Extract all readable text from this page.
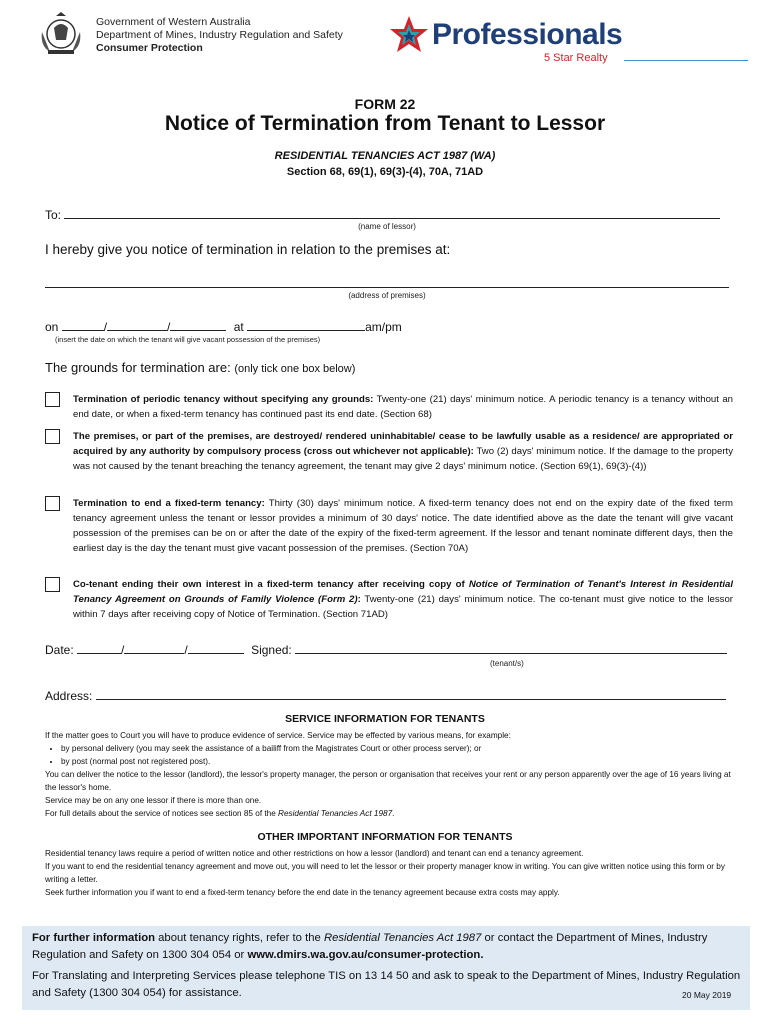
Government of Western Australia
Department of Mines, Industry Regulation and Safety
Consumer Protection	Professionals
5 Star Realty
FORM 22
Notice of Termination from Tenant to Lessor
RESIDENTIAL TENANCIES ACT 1987 (WA)
Section 68, 69(1), 69(3)-(4), 70A, 71AD
To:
(name of lessor)
I hereby give you notice of termination in relation to the premises at:
(address of premises)
on	/	/	at	am/pm
(insert the date on which the tenant will give vacant possession of the premises)
The grounds for termination are: (only tick one box below)
Termination of periodic tenancy without specifying any grounds: Twenty-one (21) days' minimum notice. A periodic tenancy is a tenancy without an end date, or when a fixed-term tenancy has continued past its end date. (Section 68)
The premises, or part of the premises, are destroyed/ rendered uninhabitable/ cease to be lawfully usable as a residence/ are appropriated or acquired by any authority by compulsory process (cross out whichever not applicable): Two (2) days' minimum notice. If the damage to the property was not caused by the tenant breaching the tenancy agreement, the tenant may give 2 days' minimum notice. (Section 69(1), 69(3)-(4))
Termination to end a fixed-term tenancy: Thirty (30) days' minimum notice. A fixed-term tenancy does not end on the expiry date of the fixed term tenancy agreement unless the tenant or lessor provides a minimum of 30 days' notice. The date identified above as the date the tenant will give vacant possession of the premises can be on or after the date of the expiry of the fixed-term agreement. If the lessor and tenant nominate different days, then the earliest day is the day the tenant must give vacant possession of the premises. (Section 70A)
Co-tenant ending their own interest in a fixed-term tenancy after receiving copy of Notice of Termination of Tenant's Interest in Residential Tenancy Agreement on Grounds of Family Violence (Form 2): Twenty-one (21) days' minimum notice. The co-tenant must give notice to the lessor within 7 days after receiving copy of Notice of Termination. (Section 71AD)
Date:	/	/	Signed:
(tenant/s)
Address:
SERVICE INFORMATION FOR TENANTS
If the matter goes to Court you will have to produce evidence of service. Service may be effected by various means, for example:
• by personal delivery (you may seek the assistance of a bailiff from the Magistrates Court or other process server); or
• by post (normal post not registered post).
You can deliver the notice to the lessor (landlord), the lessor's property manager, the person or organisation that receives your rent or any person apparently over the age of 16 years living at the lessor's home.
Service may be on any one lessor if there is more than one.
For full details about the service of notices see section 85 of the Residential Tenancies Act 1987.
OTHER IMPORTANT INFORMATION FOR TENANTS
Residential tenancy laws require a period of written notice and other restrictions on how a lessor (landlord) and tenant can end a tenancy agreement.
If you want to end the residential tenancy agreement and move out, you will need to let the lessor or their property manager know in writing. You can give written notice using this form or by writing a letter.
Seek further information you if want to end a fixed-term tenancy before the end date in the tenancy agreement because extra costs may apply.
For further information about tenancy rights, refer to the Residential Tenancies Act 1987 or contact the Department of Mines, Industry Regulation and Safety on 1300 304 054 or www.dmirs.wa.gov.au/consumer-protection.
For Translating and Interpreting Services please telephone TIS on 13 14 50 and ask to speak to the Department of Mines, Industry Regulation and Safety (1300 304 054) for assistance.	20 May 2019
